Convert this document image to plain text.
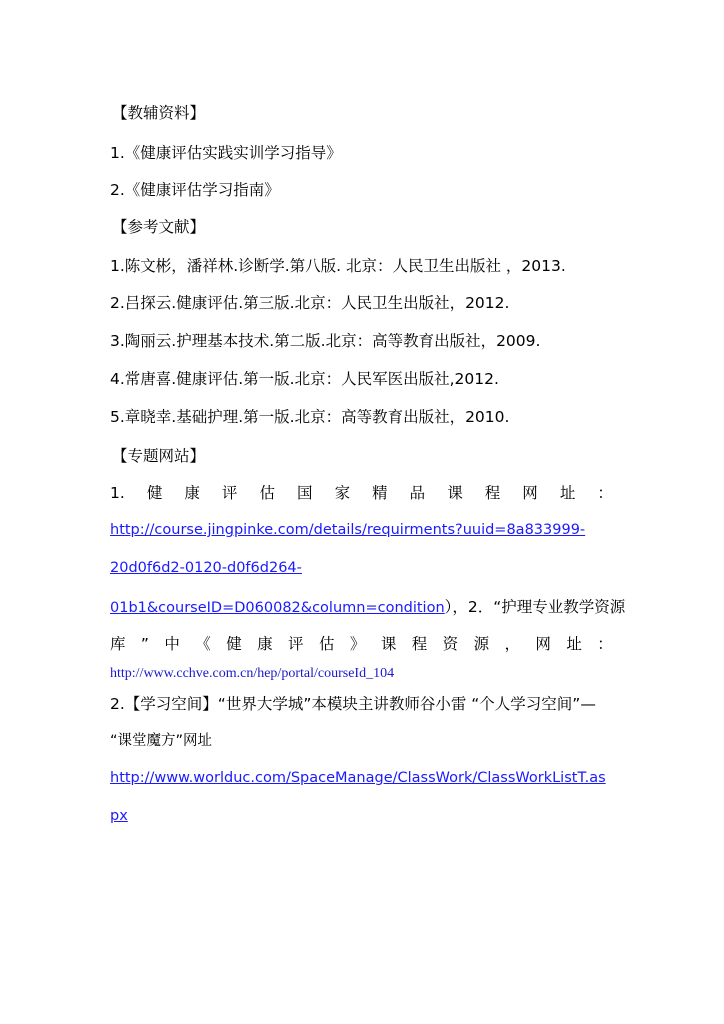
【教辅资料】
1.《健康评估实践实训学习指导》
2.《健康评估学习指南》
【参考文献】
1.陈文彬，潘祥林.诊断学.第八版. 北京：人民卫生出版社 ，2013.
2.吕探云.健康评估.第三版.北京：人民卫生出版社，2012.
3.陶丽云.护理基本技术.第二版.北京：高等教育出版社，2009.
4.常唐喜.健康评估.第一版.北京：人民军医出版社,2012.
5.章晓幸.基础护理.第一版.北京：高等教育出版社，2010.
【专题网站】
1. 健 康 评 估 国 家 精 品 课 程 网 址 ：
http://course.jingpinke.com/details/requirments?uuid=8a833999-
20d0f6d2-0120-d0f6d264-
01b1&courseID=D060082&column=condition），2．“护理专业教学资源
库 ” 中 《 健 康 评 估 》 课 程 资 源 ， 网 址 ：
http://www.cchve.com.cn/hep/portal/courseId_104
2.【学习空间】“世界大学城”本模块主讲教师谷小雷 “个人学习空间”—
“课堂魔方”网址
http://www.worlduc.com/SpaceManage/ClassWork/ClassWorkListT.as
px
